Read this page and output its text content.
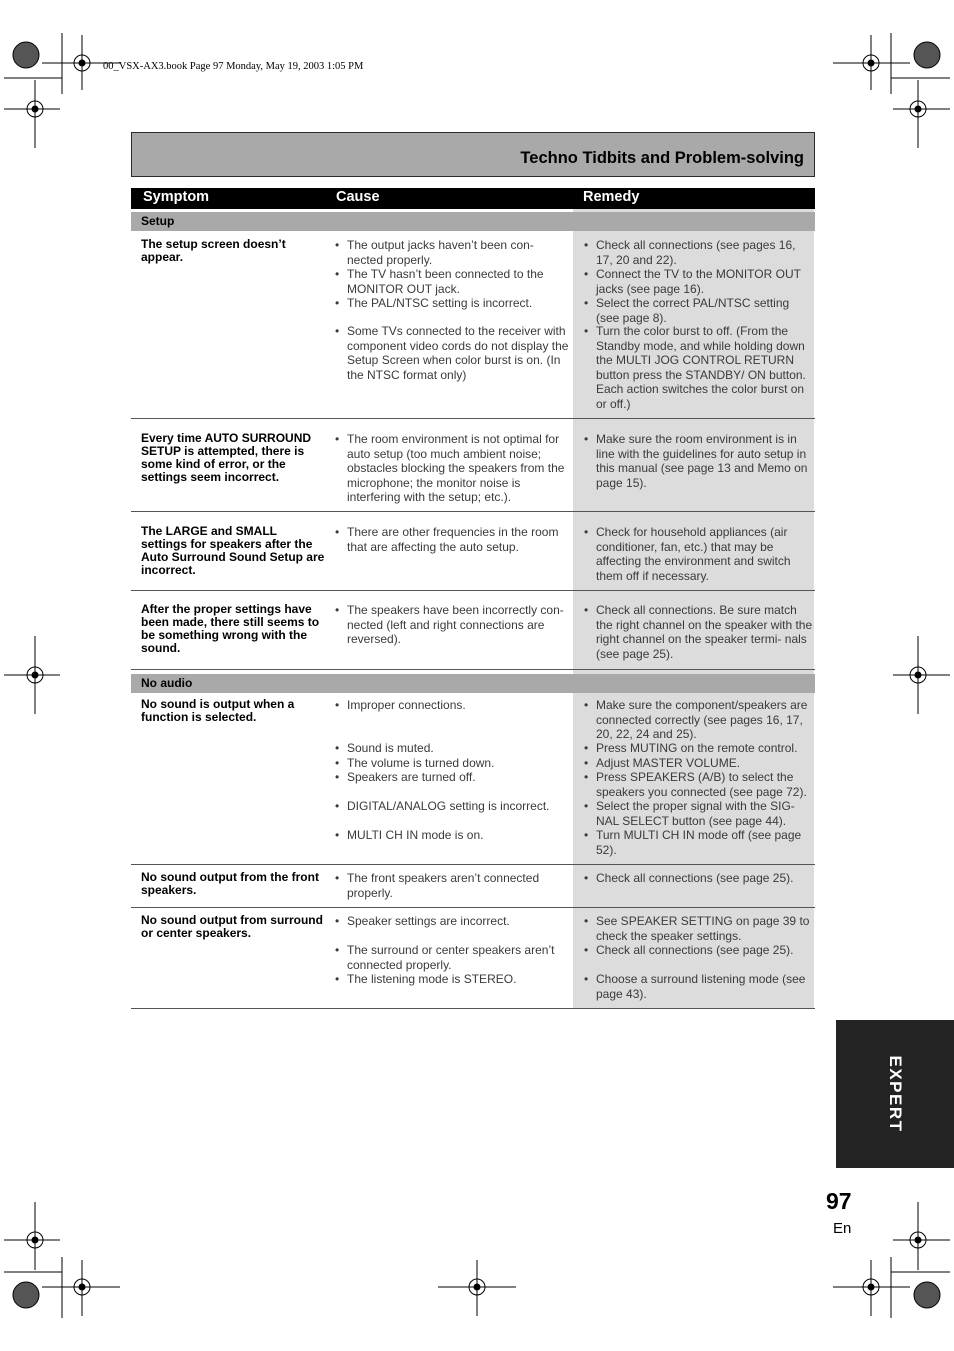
00_VSX-AX3.book Page 97 Monday, May 19, 2003 1:05 PM
Techno Tidbits and Problem-solving
Symptom	Cause	Remedy
Setup
The setup screen doesn’t appear.
• The output jacks haven’t been con- nected properly.
• The TV hasn’t been connected to the MONITOR OUT jack.
• The PAL/NTSC setting is incorrect.
• Some TVs connected to the receiver with component video cords do not display the Setup Screen when color burst is on. (In the NTSC format only)
• Check all connections (see pages 16, 17, 20 and 22).
• Connect the TV to the MONITOR OUT jacks (see page 16).
• Select the correct PAL/NTSC setting (see page 8).
• Turn the color burst to off. (From the Standby mode, and while holding down the MULTI JOG CONTROL RETURN button press the STANDBY/ ON button. Each action switches the color burst on or off.)
Every time AUTO SURROUND SETUP is attempted, there is some kind of error, or the settings seem incorrect.
• The room environment is not optimal for auto setup (too much ambient noise; obstacles blocking the speakers from the microphone; the monitor noise is interfering with the setup; etc.).
• Make sure the room environment is in line with the guidelines for auto setup in this manual (see page 13 and Memo on page 15).
The LARGE and SMALL settings for speakers after the Auto Surround Sound Setup are incorrect.
• There are other frequencies in the room that are affecting the auto setup.
• Check for household appliances (air conditioner, fan, etc.) that may be affecting the environment and switch them off if necessary.
After the proper settings have been made, there still seems to be something wrong with the sound.
• The speakers have been incorrectly con- nected (left and right connections are reversed).
• Check all connections. Be sure match the right channel on the speaker with the right channel on the speaker termi- nals (see page 25).
No audio
No sound is output when a function is selected.
• Improper connections.
• Sound is muted.
• The volume is turned down.
• Speakers are turned off.
• DIGITAL/ANALOG setting is incorrect.
• MULTI CH IN mode is on.
• Make sure the component/speakers are connected correctly (see pages 16, 17, 20, 22, 24 and 25).
• Press MUTING on the remote control.
• Adjust MASTER VOLUME.
• Press SPEAKERS (A/B) to select the speakers you connected (see page 72).
• Select the proper signal with the SIG- NAL SELECT button (see page 44).
• Turn MULTI CH IN mode off (see page 52).
No sound output from the front speakers.
• The front speakers aren’t connected properly.
• Check all connections (see page 25).
No sound output from surround or center speakers.
• Speaker settings are incorrect.
• The surround or center speakers aren’t connected properly.
• The listening mode is STEREO.
• See SPEAKER SETTING on page 39 to check the speaker settings.
• Check all connections (see page 25).
• Choose a surround listening mode (see page 43).
EXPERT
97
En
